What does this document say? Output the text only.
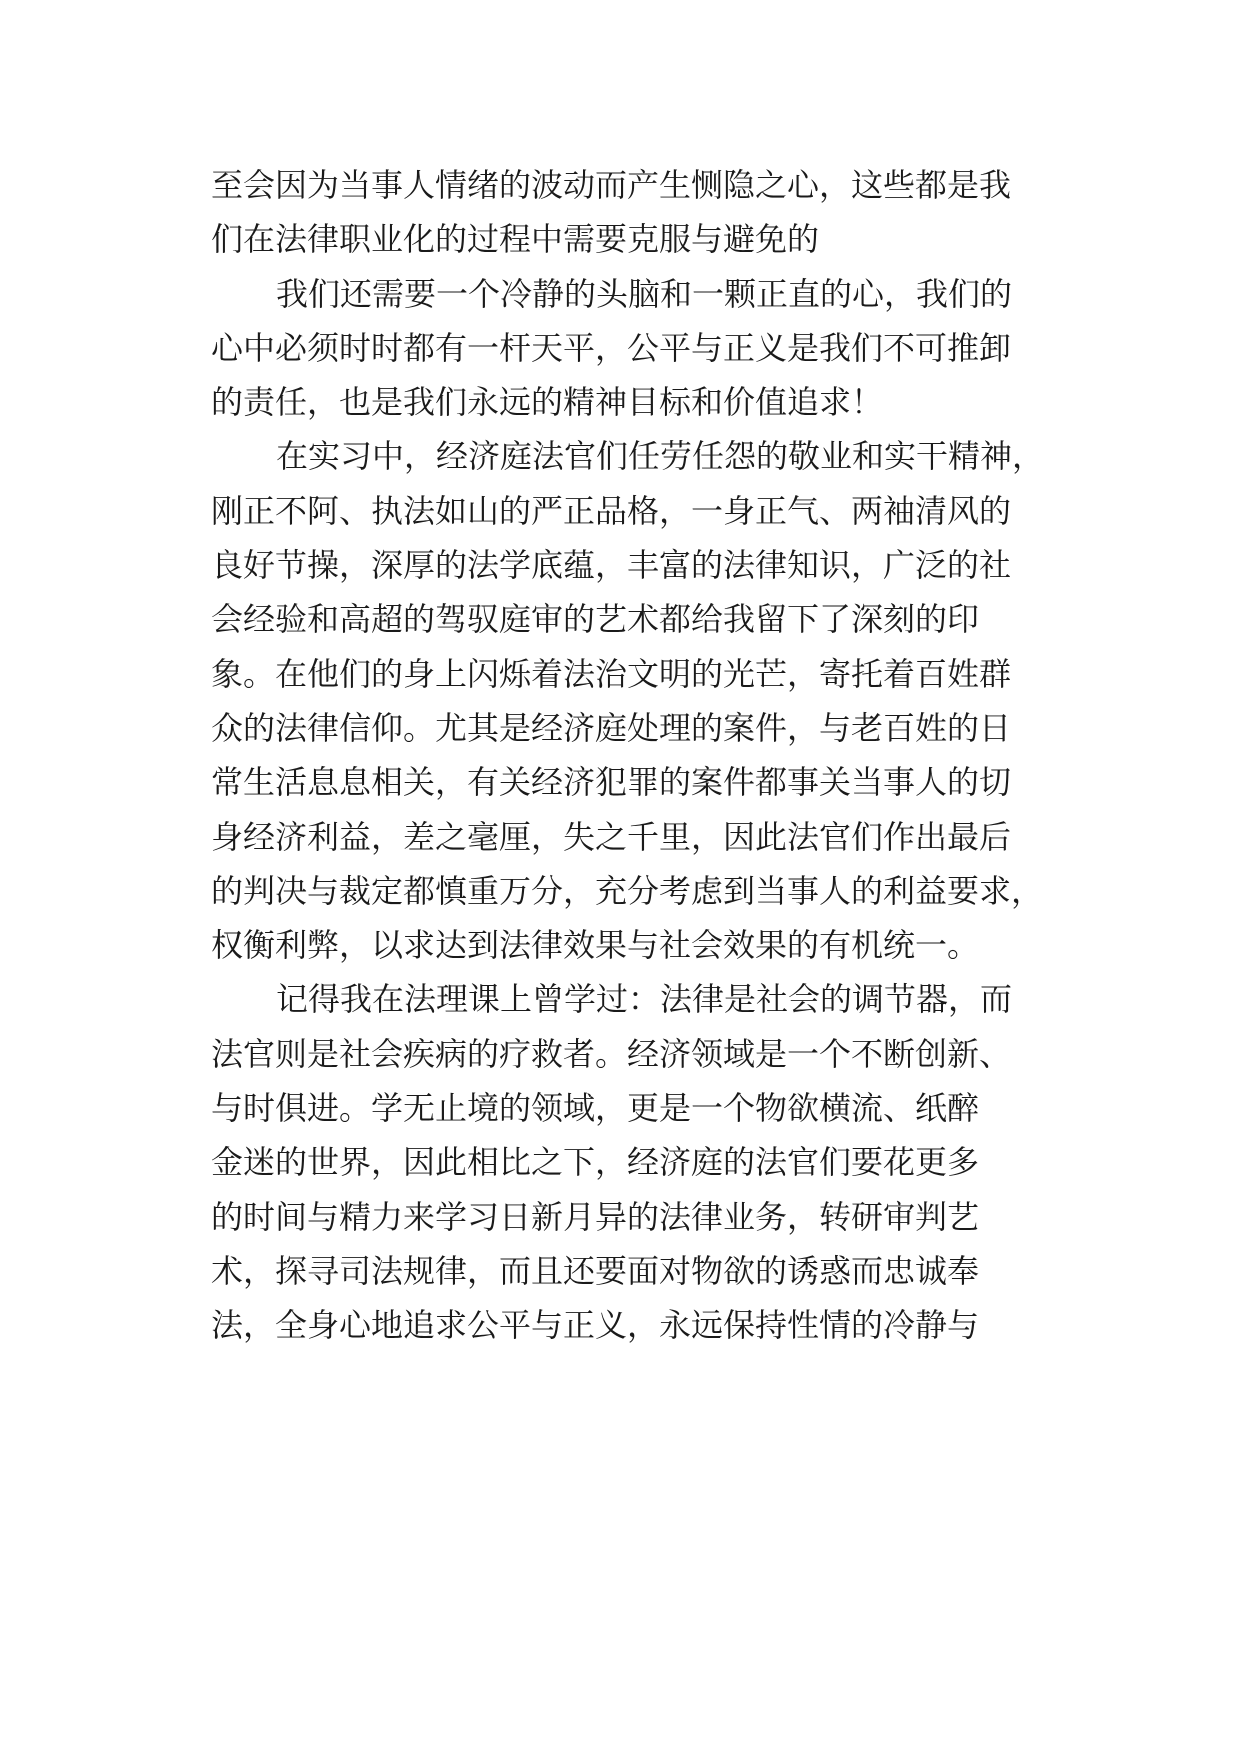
至会因为当事人情绪的波动而产生恻隐之心，这些都是我
们在法律职业化的过程中需要克服与避免的
我们还需要一个冷静的头脑和一颗正直的心，我们的
心中必须时时都有一杆天平，公平与正义是我们不可推卸
的责任，也是我们永远的精神目标和价值追求！
在实习中，经济庭法官们任劳任怨的敬业和实干精神，
刚正不阿、执法如山的严正品格，一身正气、两袖清风的
良好节操，深厚的法学底蕴，丰富的法律知识，广泛的社
会经验和高超的驾驭庭审的艺术都给我留下了深刻的印
象。在他们的身上闪烁着法治文明的光芒，寄托着百姓群
众的法律信仰。尤其是经济庭处理的案件，与老百姓的日
常生活息息相关，有关经济犯罪的案件都事关当事人的切
身经济利益，差之毫厘，失之千里，因此法官们作出最后
的判决与裁定都慎重万分，充分考虑到当事人的利益要求，
权衡利弊，以求达到法律效果与社会效果的有机统一。
记得我在法理课上曾学过：法律是社会的调节器，而
法官则是社会疾病的疗救者。经济领域是一个不断创新、
与时俱进。学无止境的领域，更是一个物欲横流、纸醉
金迷的世界，因此相比之下，经济庭的法官们要花更多
的时间与精力来学习日新月异的法律业务，转研审判艺
术，探寻司法规律，而且还要面对物欲的诱惑而忠诚奉
法，全身心地追求公平与正义，永远保持性情的冷静与
